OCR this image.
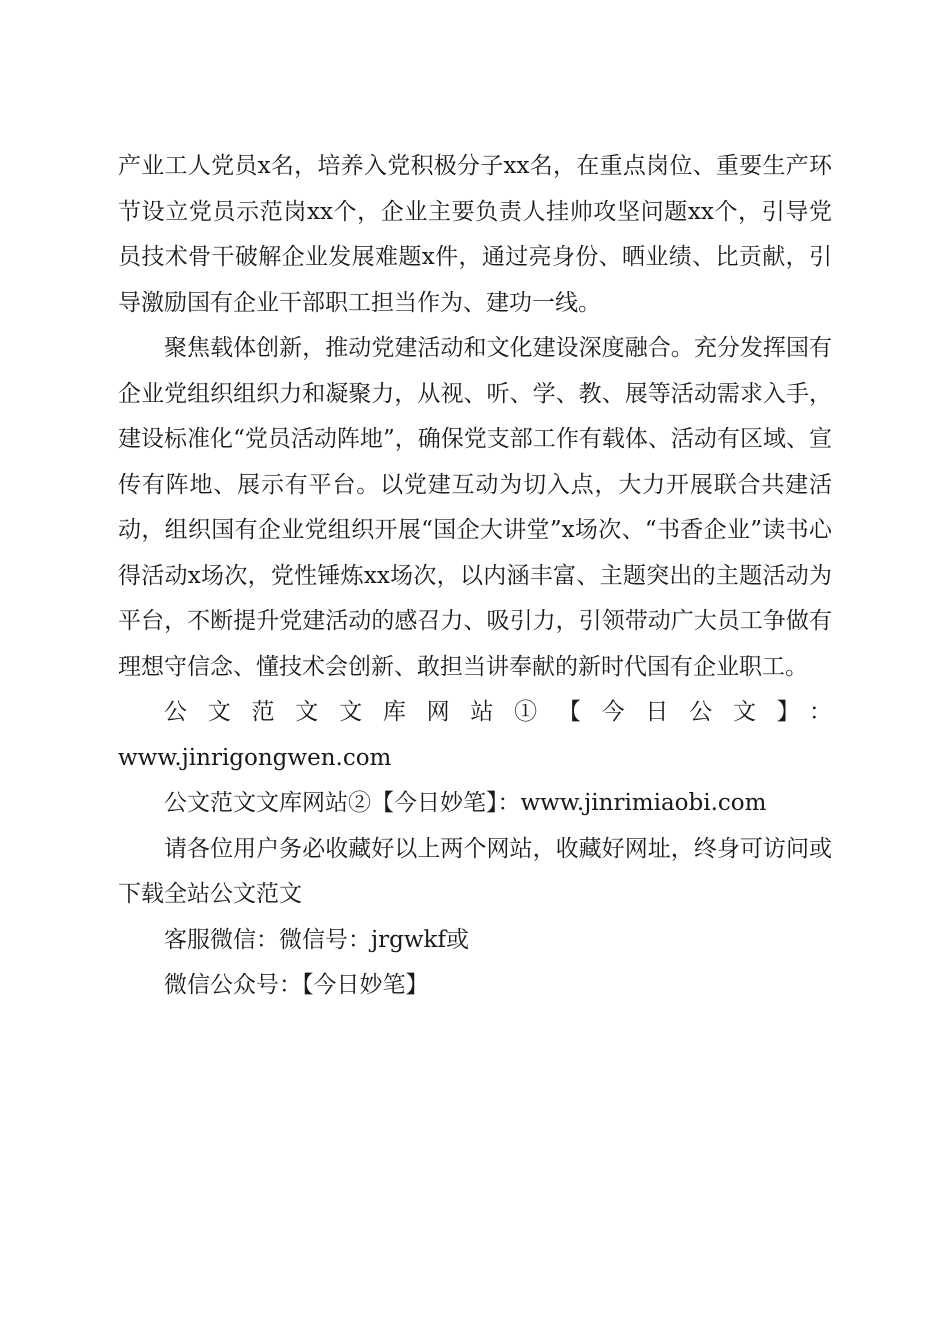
产业工人党员x名，培养入党积极分子xx名，在重点岗位、重要生产环节设立党员示范岗xx个，企业主要负责人挂帅攻坚问题xx个，引导党员技术骨干破解企业发展难题x件，通过亮身份、晒业绩、比贡献，引导激励国有企业干部职工担当作为、建功一线。

聚焦载体创新，推动党建活动和文化建设深度融合。充分发挥国有企业党组织组织力和凝聚力，从视、听、学、教、展等活动需求入手，建设标准化“党员活动阵地”，确保党支部工作有载体、活动有区域、宣传有阵地、展示有平台。以党建互动为切入点，大力开展联合共建活动，组织国有企业党组织开展“国企大讲堂”x场次、“书香企业”读书心得活动x场次，党性锤炼xx场次，以内涵丰富、主题突出的主题活动为平台，不断提升党建活动的感召力、吸引力，引领带动广大员工争做有理想守信念、懂技术会创新、敢担当讲奉献的新时代国有企业职工。

公文范文文库网站①【今日公文】：

www.jinrigongwen.com

公文范文文库网站②【今日妙笔】：www.jinrimiaobi.com

请各位用户务必收藏好以上两个网站，收藏好网址，终身可访问或下载全站公文范文

客服微信：微信号：jrgwkf或

微信公众号：【今日妙笔】
